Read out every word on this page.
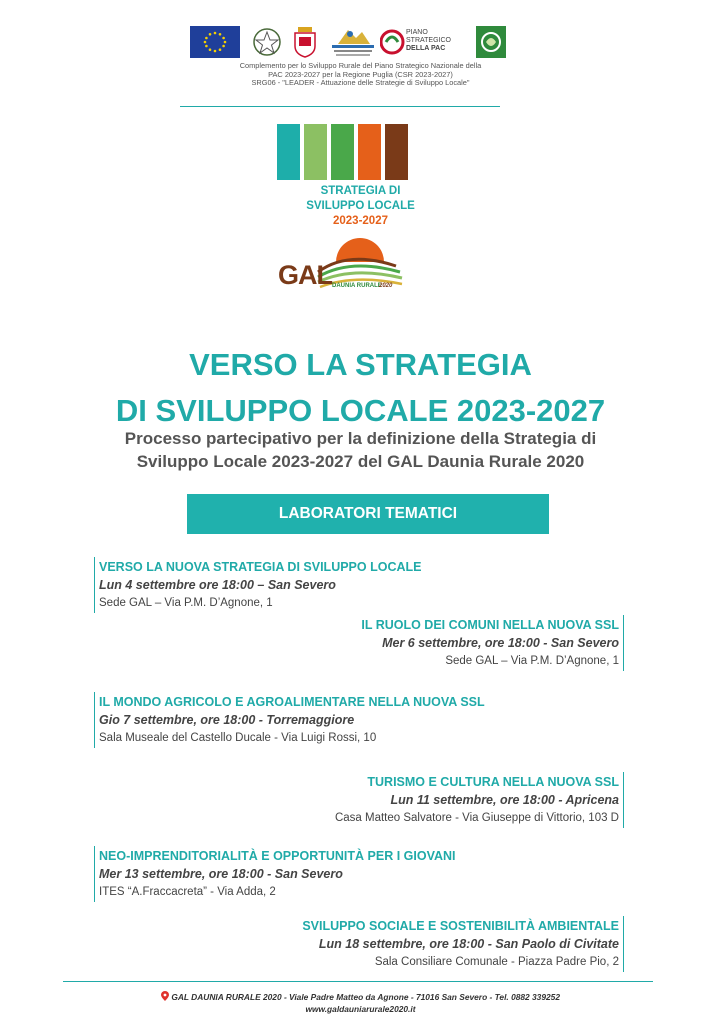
PIANO STRATEGICO
DELLA PAC
Complemento per lo Sviluppo Rurale del Piano Strategico Nazionale della
PAC 2023-2027 per la Regione Puglia (CSR 2023-2027)
SRG06 - "LEADER - Attuazione delle Strategie di Sviluppo Locale"
STRATEGIA DI
SVILUPPO LOCALE
2023-2027
GAL DAUNIA RURALE
2020
VERSO LA STRATEGIA
DI SVILUPPO LOCALE 2023-2027
Processo partecipativo per la definizione della Strategia di
Sviluppo Locale 2023-2027 del GAL Daunia Rurale 2020
LABORATORI TEMATICI
VERSO LA NUOVA STRATEGIA DI SVILUPPO LOCALE
Lun 4 settembre ore 18:00 – San Severo
Sede GAL – Via P.M. D’Agnone, 1
IL RUOLO DEI COMUNI NELLA NUOVA SSL
Mer 6 settembre, ore 18:00 - San Severo
Sede GAL – Via P.M. D’Agnone, 1
IL MONDO AGRICOLO E AGROALIMENTARE NELLA NUOVA SSL
Gio 7 settembre, ore 18:00 - Torremaggiore
Sala Museale del Castello Ducale - Via Luigi Rossi, 10
TURISMO E CULTURA NELLA NUOVA SSL
Lun 11 settembre, ore 18:00 - Apricena
Casa Matteo Salvatore - Via Giuseppe di Vittorio, 103 D
NEO-IMPRENDITORIALITÀ E OPPORTUNITÀ PER I GIOVANI
Mer 13 settembre, ore 18:00 - San Severo
ITES “A.Fraccacreta” - Via Adda, 2
SVILUPPO SOCIALE E SOSTENIBILITÀ AMBIENTALE
Lun 18 settembre, ore 18:00 - San Paolo di Civitate
Sala Consiliare Comunale - Piazza Padre Pio, 2
GAL DAUNIA RURALE 2020 - Viale Padre Matteo da Agnone - 71016 San Severo - Tel. 0882 339252
www.galdauniarurale2020.it
